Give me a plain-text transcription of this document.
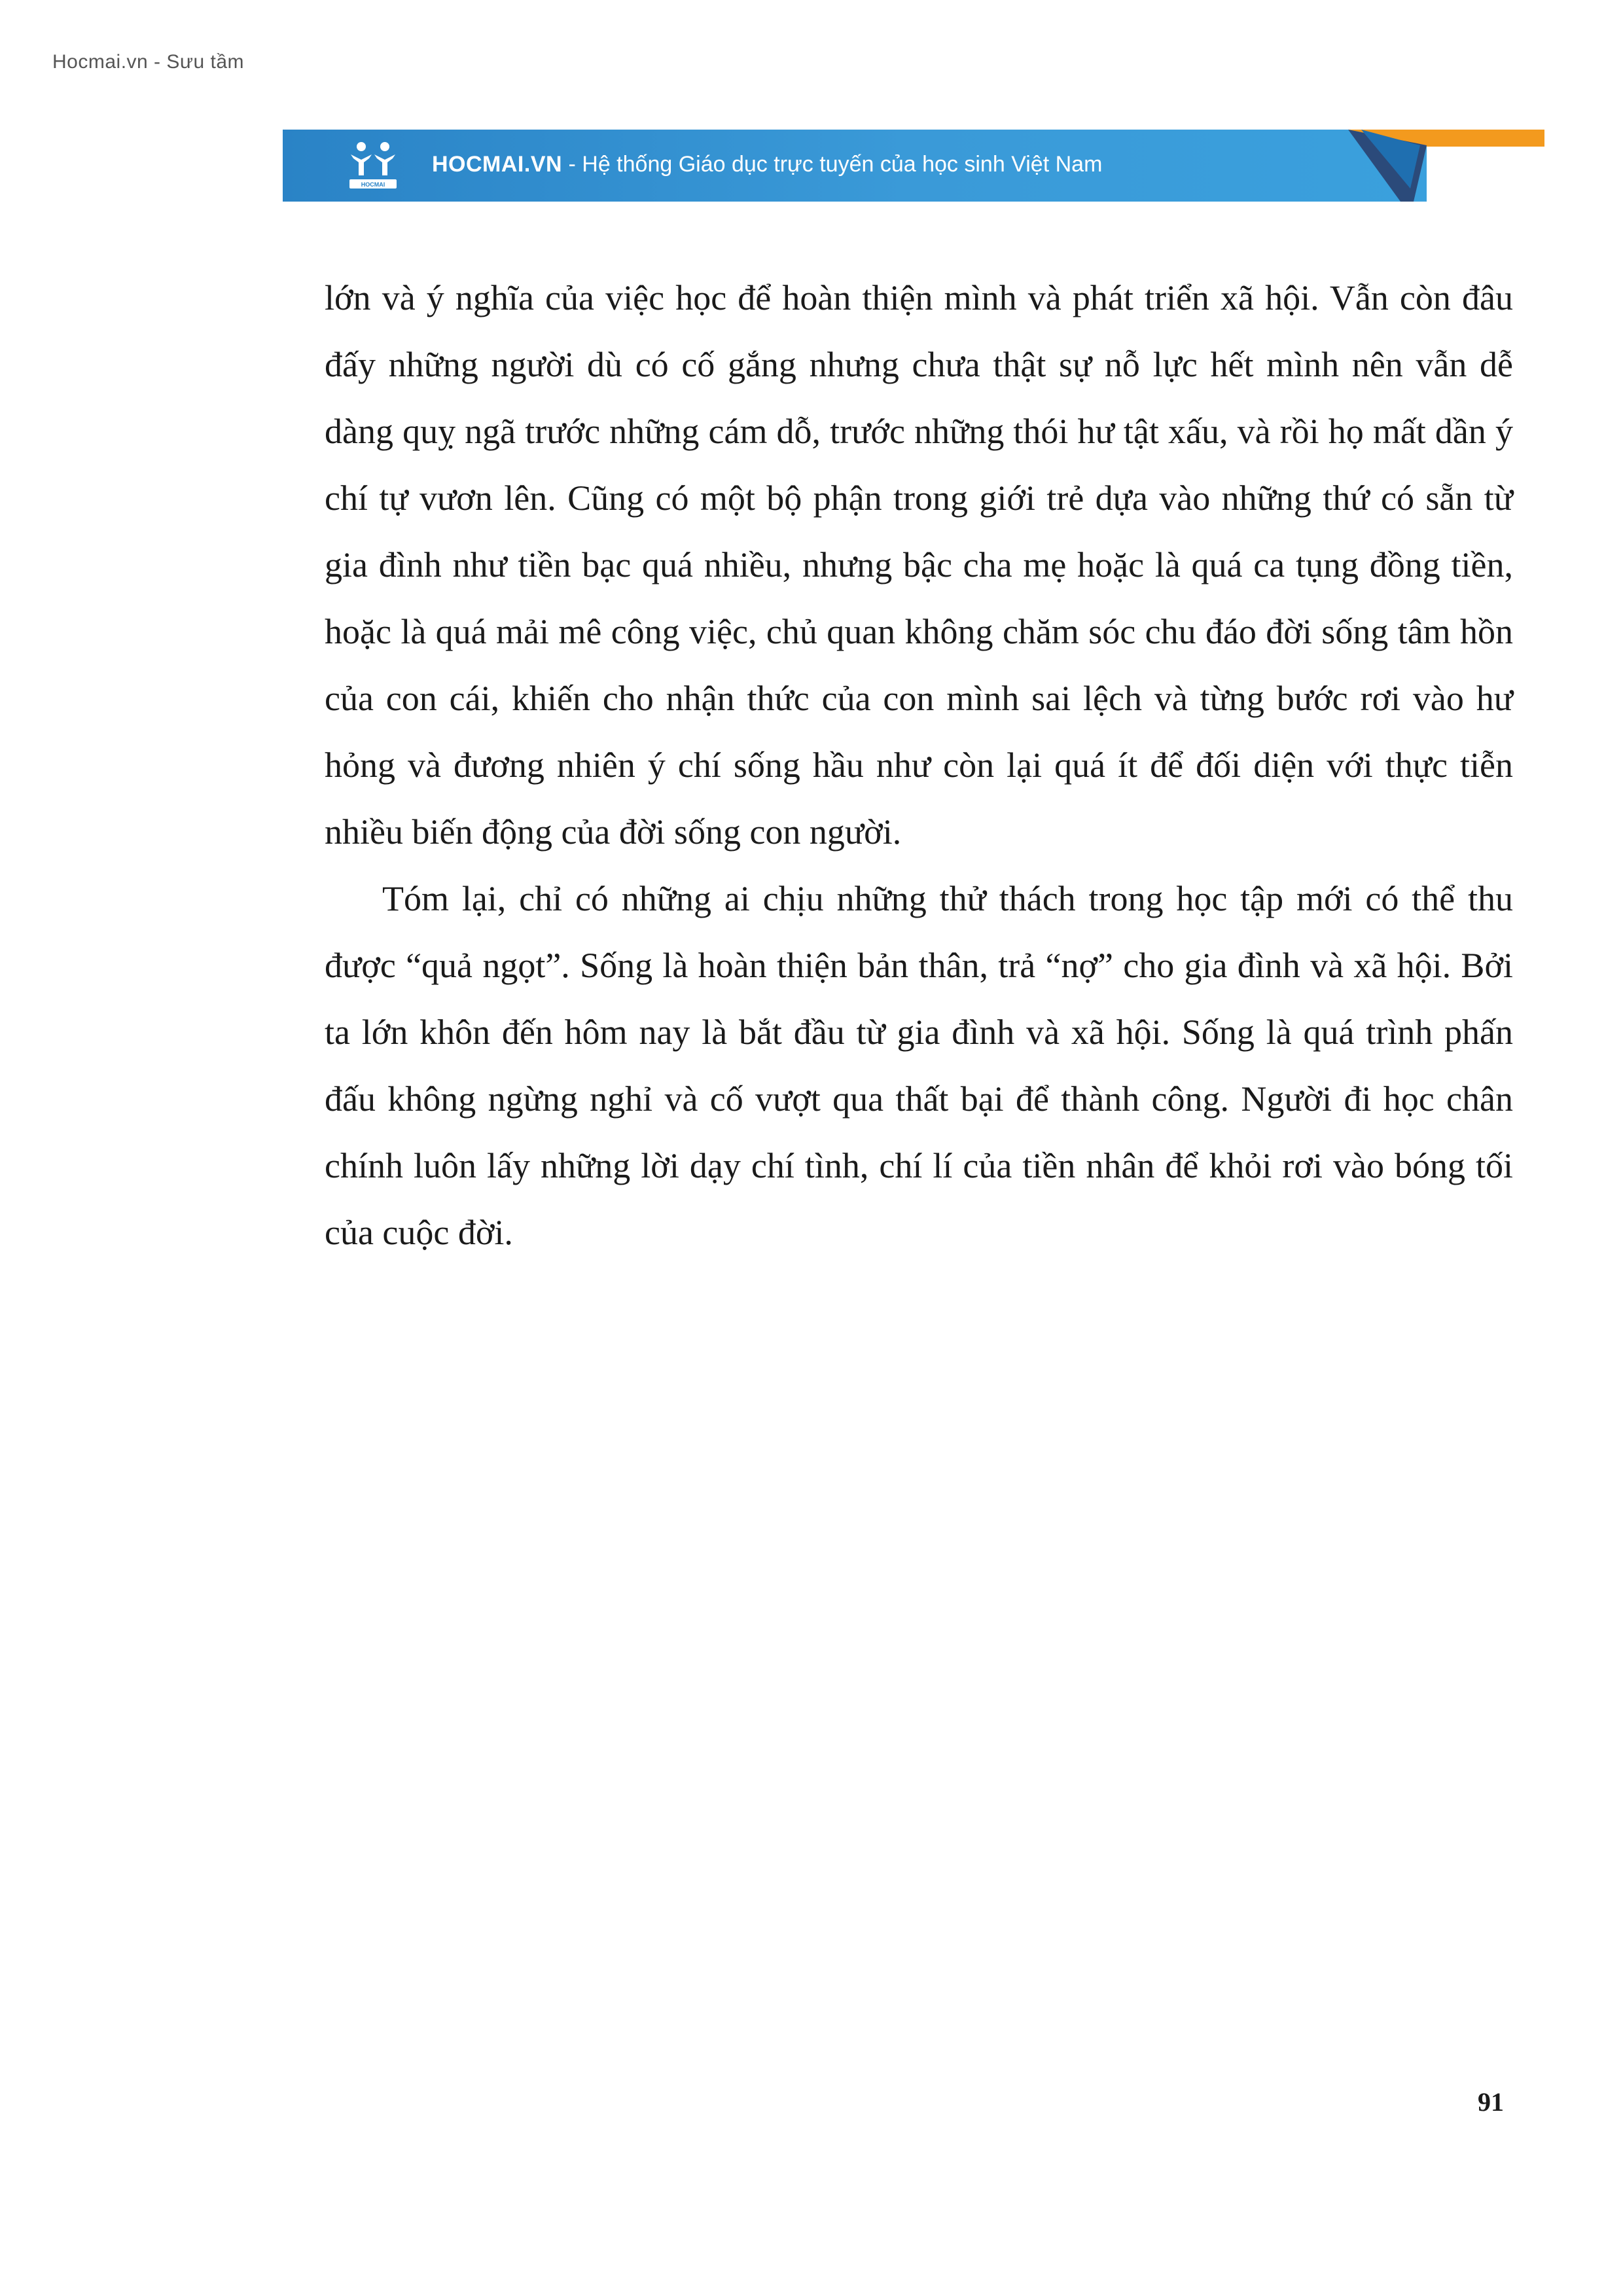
Hocmai.vn - Sưu tầm
HOCMAI
HOCMAI.VN - Hệ thống Giáo dục trực tuyến của học sinh Việt Nam

lớn và ý nghĩa của việc học để hoàn thiện mình và phát triển xã hội. Vẫn còn đâu đấy những người dù có cố gắng nhưng chưa thật sự nỗ lực hết mình nên vẫn dễ dàng quỵ ngã trước những cám dỗ, trước những thói hư tật xấu, và rồi họ mất dần ý chí tự vươn lên. Cũng có một bộ phận trong giới trẻ dựa vào những thứ có sẵn từ gia đình như tiền bạc quá nhiều, nhưng bậc cha mẹ hoặc là quá ca tụng đồng tiền, hoặc là quá mải mê công việc, chủ quan không chăm sóc chu đáo đời sống tâm hồn của con cái, khiến cho nhận thức của con mình sai lệch và từng bước rơi vào hư hỏng và đương nhiên ý chí sống hầu như còn lại quá ít để đối diện với thực tiễn nhiều biến động của đời sống con người.

Tóm lại, chỉ có những ai chịu những thử thách trong học tập mới có thể thu được “quả ngọt”. Sống là hoàn thiện bản thân, trả “nợ” cho gia đình và xã hội. Bởi ta lớn khôn đến hôm nay là bắt đầu từ gia đình và xã hội. Sống là quá trình phấn đấu không ngừng nghỉ và cố vượt qua thất bại để thành công. Người đi học chân chính luôn lấy những lời dạy chí tình, chí lí của tiền nhân để khỏi rơi vào bóng tối của cuộc đời.

91
